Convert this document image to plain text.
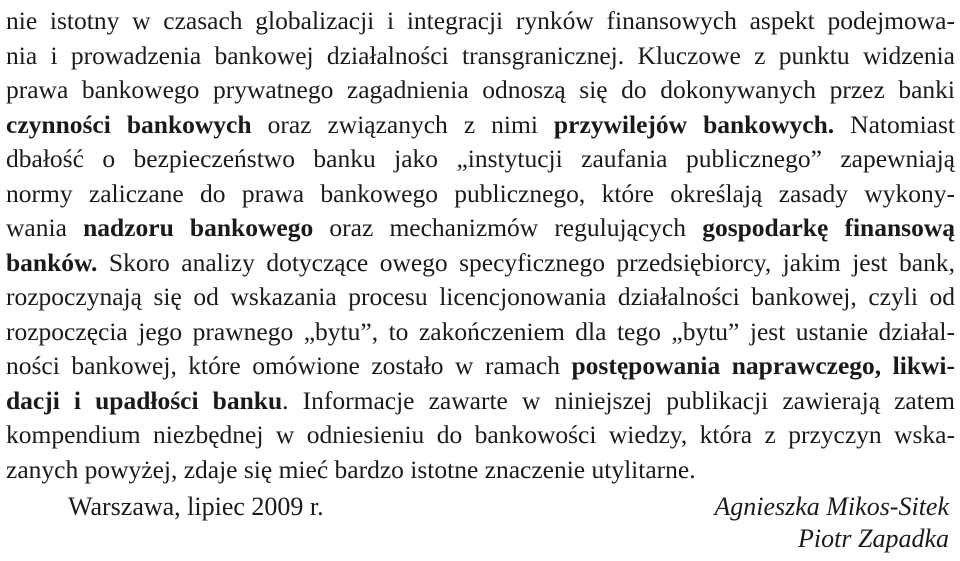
nie istotny w czasach globalizacji i integracji rynków finansowych aspekt podejmowa-
nia i prowadzenia bankowej działalności transgranicznej. Kluczowe z punktu widzenia
prawa bankowego prywatnego zagadnienia odnoszą się do dokonywanych przez banki
czynności bankowych oraz związanych z nimi przywilejów bankowych. Natomiast
dbałość o bezpieczeństwo banku jako „instytucji zaufania publicznego” zapewniają
normy zaliczane do prawa bankowego publicznego, które określają zasady wykony-
wania nadzoru bankowego oraz mechanizmów regulujących gospodarkę finansową
banków. Skoro analizy dotyczące owego specyficznego przedsiębiorcy, jakim jest bank,
rozpoczynają się od wskazania procesu licencjonowania działalności bankowej, czyli od
rozpoczęcia jego prawnego „bytu”, to zakończeniem dla tego „bytu” jest ustanie działal-
ności bankowej, które omówione zostało w ramach postępowania naprawczego, likwi-
dacji i upadłości banku. Informacje zawarte w niniejszej publikacji zawierają zatem
kompendium niezbędnej w odniesieniu do bankowości wiedzy, która z przyczyn wska-
zanych powyżej, zdaje się mieć bardzo istotne znaczenie utylitarne.
Warszawa, lipiec 2009 r.	Agnieszka Mikos-Sitek
Piotr Zapadka
